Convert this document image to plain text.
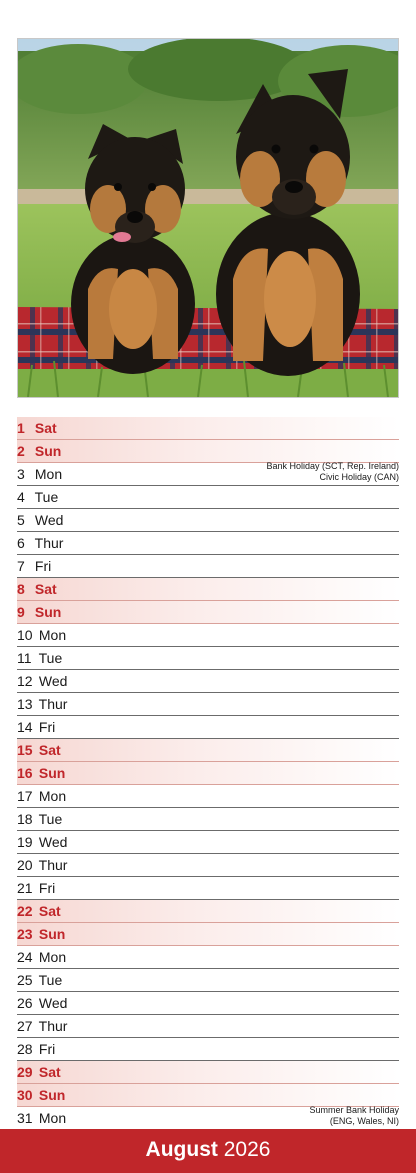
1 Sat
2 Sun
3 Mon	Bank Holiday (SCT, Rep. Ireland)
Civic Holiday (CAN)
4 Tue
5 Wed
6 Thur
7 Fri
8 Sat
9 Sun
10 Mon
11 Tue
12 Wed
13 Thur
14 Fri
15 Sat
16 Sun
17 Mon
18 Tue
19 Wed
20 Thur
21 Fri
22 Sat
23 Sun
24 Mon
25 Tue
26 Wed
27 Thur
28 Fri
29 Sat
30 Sun
31 Mon	Summer Bank Holiday
(ENG, Wales, NI)
August 2026
